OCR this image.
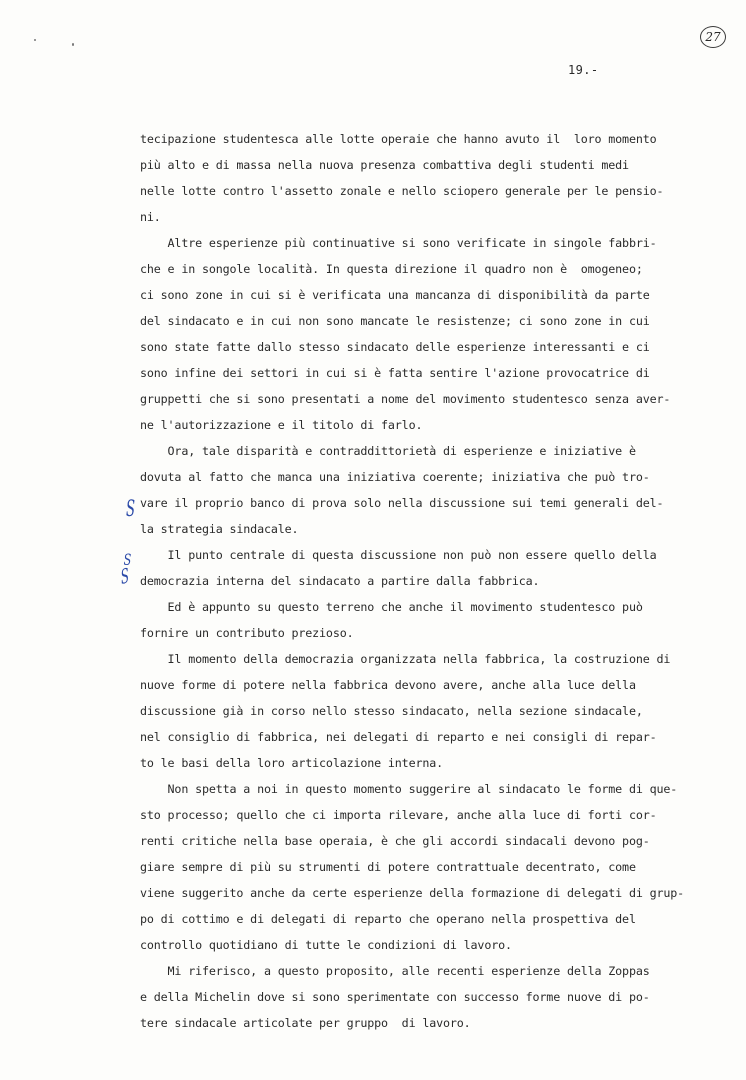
27
19.-
S
S
S
tecipazione studentesca alle lotte operaie che hanno avuto il  loro momento
più alto e di massa nella nuova presenza combattiva degli studenti medi
nelle lotte contro l'assetto zonale e nello sciopero generale per le pensio-
ni.
Altre esperienze più continuative si sono verificate in singole fabbri-
che e in songole località. In questa direzione il quadro non è  omogeneo;
ci sono zone in cui si è verificata una mancanza di disponibilità da parte
del sindacato e in cui non sono mancate le resistenze; ci sono zone in cui
sono state fatte dallo stesso sindacato delle esperienze interessanti e ci
sono infine dei settori in cui si è fatta sentire l'azione provocatrice di
gruppetti che si sono presentati a nome del movimento studentesco senza aver-
ne l'autorizzazione e il titolo di farlo.
Ora, tale disparità e contraddittorietà di esperienze e iniziative è
dovuta al fatto che manca una iniziativa coerente; iniziativa che può tro-
vare il proprio banco di prova solo nella discussione sui temi generali del-
la strategia sindacale.
Il punto centrale di questa discussione non può non essere quello della
democrazia interna del sindacato a partire dalla fabbrica.
Ed è appunto su questo terreno che anche il movimento studentesco può
fornire un contributo prezioso.
Il momento della democrazia organizzata nella fabbrica, la costruzione di
nuove forme di potere nella fabbrica devono avere, anche alla luce della
discussione già in corso nello stesso sindacato, nella sezione sindacale,
nel consiglio di fabbrica, nei delegati di reparto e nei consigli di repar-
to le basi della loro articolazione interna.
Non spetta a noi in questo momento suggerire al sindacato le forme di que-
sto processo; quello che ci importa rilevare, anche alla luce di forti cor-
renti critiche nella base operaia, è che gli accordi sindacali devono pog-
giare sempre di più su strumenti di potere contrattuale decentrato, come
viene suggerito anche da certe esperienze della formazione di delegati di grup-
po di cottimo e di delegati di reparto che operano nella prospettiva del
controllo quotidiano di tutte le condizioni di lavoro.
Mi riferisco, a questo proposito, alle recenti esperienze della Zoppas
e della Michelin dove si sono sperimentate con successo forme nuove di po-
tere sindacale articolate per gruppo  di lavoro.
